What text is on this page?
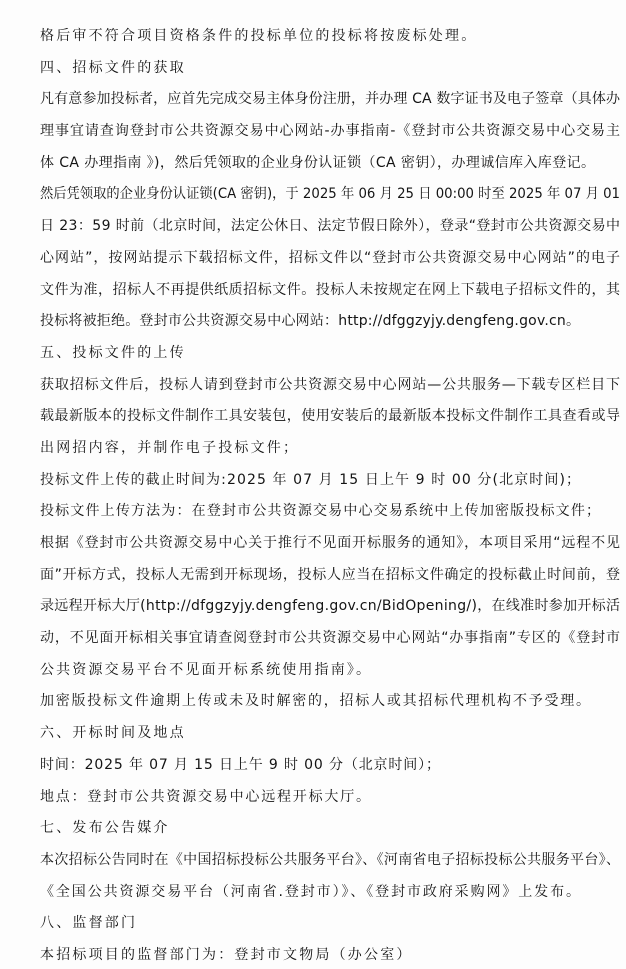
格后审不符合项目资格条件的投标单位的投标将按废标处理。
四、招标文件的获取
凡有意参加投标者，应首先完成交易主体身份注册，并办理 CA 数字证书及电子签章（具体办
理事宜请查询登封市公共资源交易中心网站-办事指南-《登封市公共资源交易中心交易主
体 CA 办理指南 》)，然后凭领取的企业身份认证锁（CA 密钥），办理诚信库入库登记。
然后凭领取的企业身份认证锁(CA 密钥)，于 2025 年 06 月 25 日 00:00 时至 2025 年 07 月 01
日 23：59 时前（北京时间，法定公休日、法定节假日除外），登录“登封市公共资源交易中
心网站”，按网站提示下载招标文件，招标文件以“登封市公共资源交易中心网站”的电子
文件为准，招标人不再提供纸质招标文件。投标人未按规定在网上下载电子招标文件的，其
投标将被拒绝。登封市公共资源交易中心网站：http://dfggzyjy.dengfeng.gov.cn。
五、投标文件的上传
获取招标文件后，投标人请到登封市公共资源交易中心网站—公共服务—下载专区栏目下
载最新版本的投标文件制作工具安装包，使用安装后的最新版本投标文件制作工具查看或导
出网招内容，并制作电子投标文件；
投标文件上传的截止时间为:2025 年 07 月 15 日上午 9 时 00 分(北京时间)；
投标文件上传方法为：在登封市公共资源交易中心交易系统中上传加密版投标文件；
根据《登封市公共资源交易中心关于推行不见面开标服务的通知》，本项目采用“远程不见
面”开标方式，投标人无需到开标现场，投标人应当在招标文件确定的投标截止时间前，登
录远程开标大厅(http://dfggzyjy.dengfeng.gov.cn/BidOpening/)，在线准时参加开标活
动，不见面开标相关事宜请查阅登封市公共资源交易中心网站“办事指南”专区的《登封市
公共资源交易平台不见面开标系统使用指南》。
加密版投标文件逾期上传或未及时解密的，招标人或其招标代理机构不予受理。
六、开标时间及地点
时间：2025 年 07 月 15 日上午 9 时 00 分（北京时间）；
地点：登封市公共资源交易中心远程开标大厅。
七、发布公告媒介
本次招标公告同时在《中国招标投标公共服务平台》、《河南省电子招标投标公共服务平台》、
《全国公共资源交易平台（河南省.登封市）》、《登封市政府采购网》上发布。
八、监督部门
本招标项目的监督部门为：登封市文物局（办公室）
